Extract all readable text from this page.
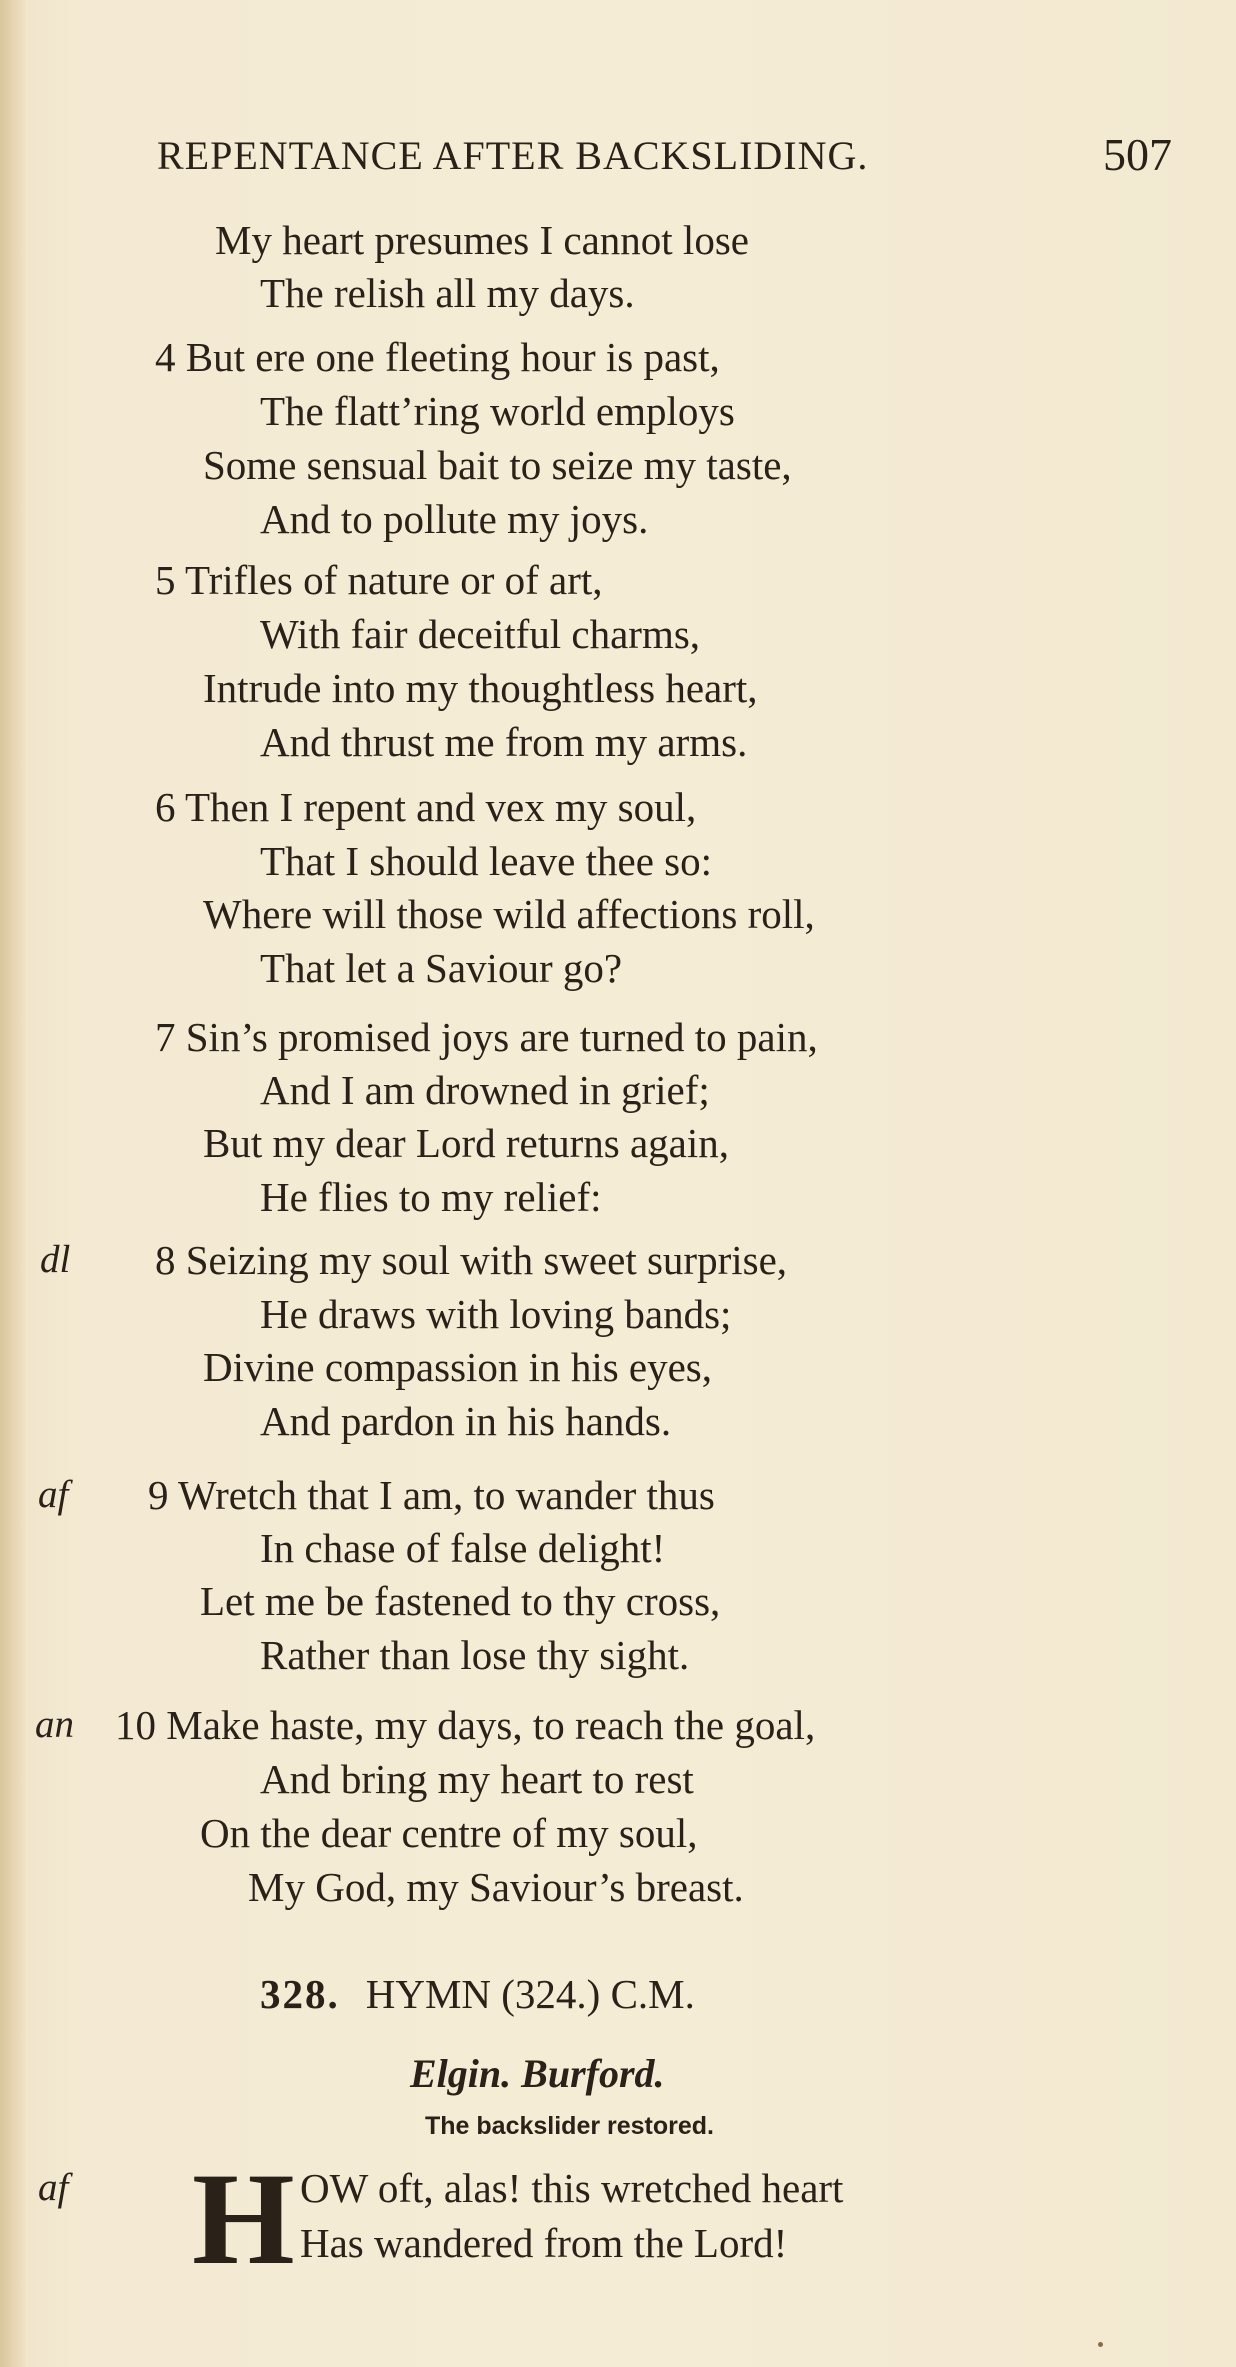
REPENTANCE AFTER BACKSLIDING.	507
My heart presumes I cannot lose
The relish all my days.
4 But ere one fleeting hour is past,
The flatt’ring world employs
Some sensual bait to seize my taste,
And to pollute my joys.
5 Trifles of nature or of art,
With fair deceitful charms,
Intrude into my thoughtless heart,
And thrust me from my arms.
6 Then I repent and vex my soul,
That I should leave thee so:
Where will those wild affections roll,
That let a Saviour go?
7 Sin’s promised joys are turned to pain,
And I am drowned in grief;
But my dear Lord returns again,
He flies to my relief:
dl 8 Seizing my soul with sweet surprise,
He draws with loving bands;
Divine compassion in his eyes,
And pardon in his hands.
af 9 Wretch that I am, to wander thus
In chase of false delight!
Let me be fastened to thy cross,
Rather than lose thy sight.
an 10 Make haste, my days, to reach the goal,
And bring my heart to rest
On the dear centre of my soul,
My God, my Saviour’s breast.
328. HYMN (324.) C.M.
Elgin. Burford.
The backslider restored.
af H OW oft, alas! this wretched heart
Has wandered from the Lord!
